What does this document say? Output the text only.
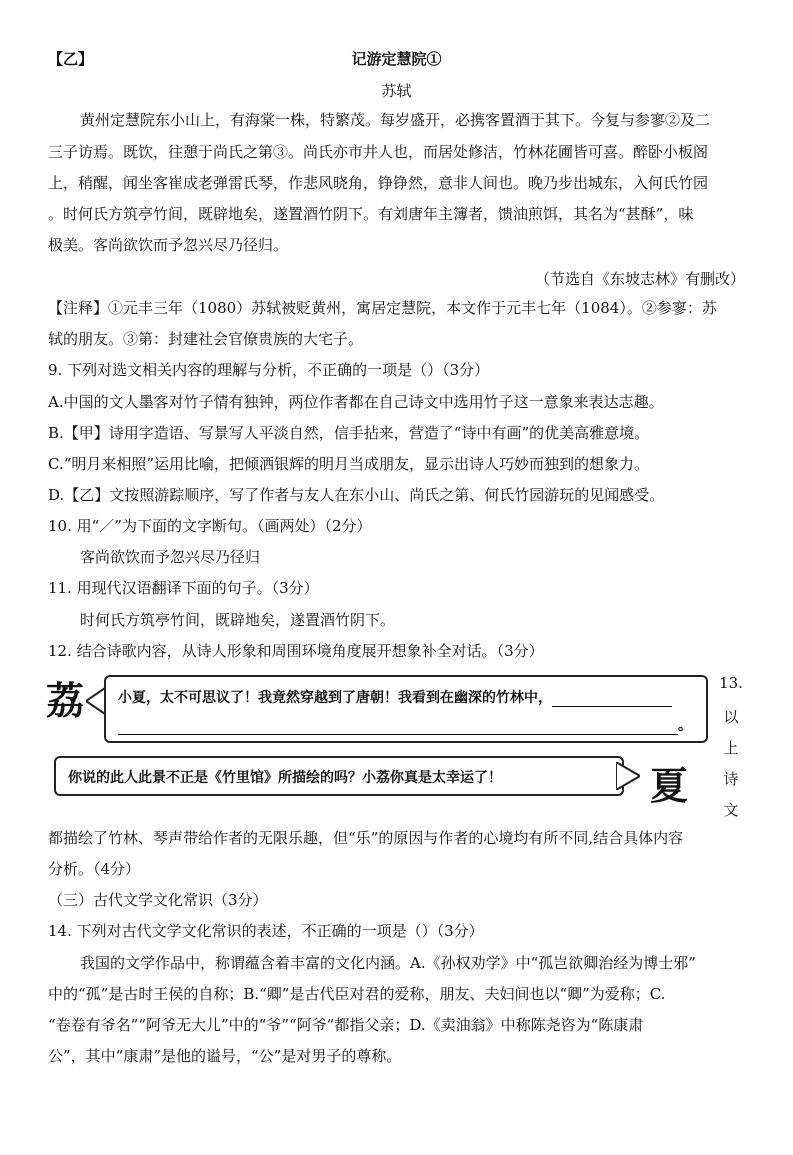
【乙】	记游定慧院①
苏轼
黄州定慧院东小山上，有海棠一株，特繁茂。每岁盛开，必携客置酒于其下。今复与参寥②及二
三子访焉。既饮，往憩于尚氏之第③。尚氏亦市井人也，而居处修洁，竹林花圃皆可喜。醉卧小板阁
上，稍醒，闻坐客崔成老弹雷氏琴，作悲风晓角，铮铮然，意非人间也。晚乃步出城东，入何氏竹园
。时何氏方筑亭竹间，既辟地矣，遂置酒竹阴下。有刘唐年主簿者，馈油煎饵，其名为“甚酥”，味
极美。客尚欲饮而予忽兴尽乃径归。
（节选自《东坡志林》有删改）
【注释】①元丰三年（1080）苏轼被贬黄州，寓居定慧院，本文作于元丰七年（1084）。②参寥：苏
轼的朋友。③第：封建社会官僚贵族的大宅子。
9. 下列对选文相关内容的理解与分析，不正确的一项是（）（3分）
A.中国的文人墨客对竹子情有独钟，两位作者都在自己诗文中选用竹子这一意象来表达志趣。
B.【甲】诗用字造语、写景写人平淡自然，信手拈来，营造了“诗中有画”的优美高雅意境。
C.“明月来相照”运用比喻，把倾洒银辉的明月当成朋友，显示出诗人巧妙而独到的想象力。
D.【乙】文按照游踪顺序，写了作者与友人在东小山、尚氏之第、何氏竹园游玩的见闻感受。
10. 用“／”为下面的文字断句。（画两处）（2分）
客尚欲饮而予忽兴尽乃径归
11. 用现代汉语翻译下面的句子。（3分）
时何氏方筑亭竹间，既辟地矣，遂置酒竹阴下。
12. 结合诗歌内容，从诗人形象和周围环境角度展开想象补全对话。（3分）
荔 小夏，太不可思议了！我竟然穿越到了唐朝！我看到在幽深的竹林中，
。
你说的此人此景不正是《竹里馆》所描绘的吗？小荔你真是太幸运了！	夏
13.
以
上
诗
文
都描绘了竹林、琴声带给作者的无限乐趣，但“乐”的原因与作者的心境均有所不同,结合具体内容
分析。（4分）
（三）古代文学文化常识（3分）
14. 下列对古代文学文化常识的表述，不正确的一项是（）（3分）
我国的文学作品中，称谓蕴含着丰富的文化内涵。A.《孙权劝学》中“孤岂欲卿治经为博士邪”
中的“孤”是古时王侯的自称；B.“卿”是古代臣对君的爱称，朋友、夫妇间也以“卿”为爱称；C.
“卷卷有爷名”“阿爷无大儿”中的“爷”“阿爷”都指父亲；D.《卖油翁》中称陈尧咨为“陈康肃
公”，其中“康肃”是他的谥号，“公”是对男子的尊称。
